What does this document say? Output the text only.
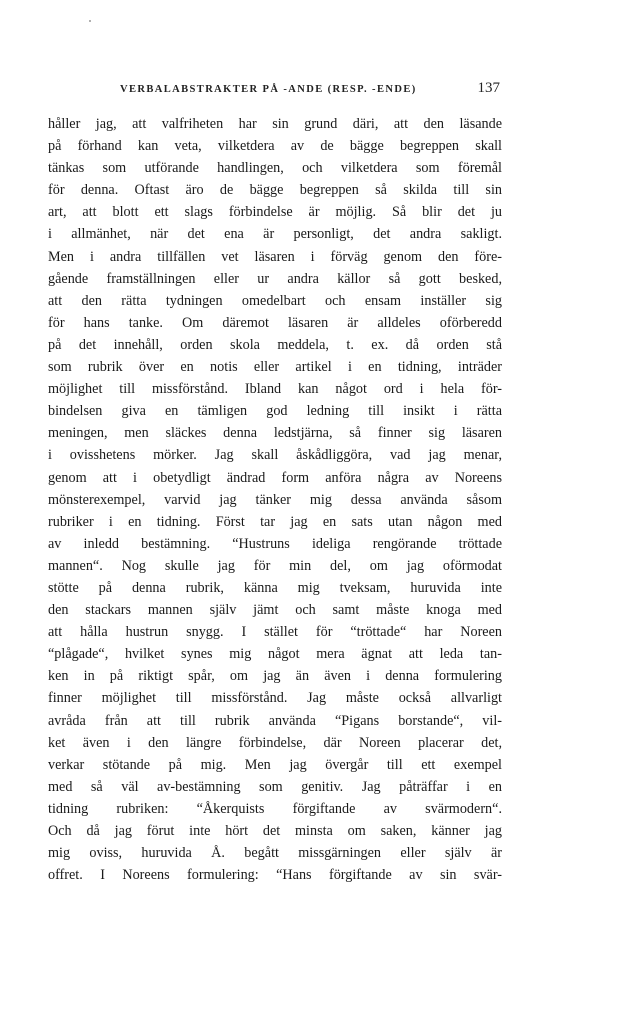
VERBALABSTRAKTER PÅ -ANDE (RESP. -ENDE)	137
håller jag, att valfriheten har sin grund däri, att den läsande
på förhand kan veta, vilketdera av de bägge begreppen skall
tänkas som utförande handlingen, och vilketdera som föremål
för denna. Oftast äro de bägge begreppen så skilda till sin
art, att blott ett slags förbindelse är möjlig. Så blir det ju
i allmänhet, när det ena är personligt, det andra sakligt.
Men i andra tillfällen vet läsaren i förväg genom den före-
gående framställningen eller ur andra källor så gott besked,
att den rätta tydningen omedelbart och ensam inställer sig
för hans tanke. Om däremot läsaren är alldeles oförberedd
på det innehåll, orden skola meddela, t. ex. då orden stå
som rubrik över en notis eller artikel i en tidning, inträder
möjlighet till missförstånd. Ibland kan något ord i hela för-
bindelsen giva en tämligen god ledning till insikt i rätta
meningen, men släckes denna ledstjärna, så finner sig läsaren
i ovisshetens mörker. Jag skall åskådliggöra, vad jag menar,
genom att i obetydligt ändrad form anföra några av Noreens
mönsterexempel, varvid jag tänker mig dessa använda såsom
rubriker i en tidning. Först tar jag en sats utan någon med
av inledd bestämning. “Hustruns ideliga rengörande tröttade
mannen“. Nog skulle jag för min del, om jag oförmodat
stötte på denna rubrik, känna mig tveksam, huruvida inte
den stackars mannen själv jämt och samt måste knoga med
att hålla hustrun snygg. I stället för “tröttade“ har Noreen
“plågade“, hvilket synes mig något mera ägnat att leda tan-
ken in på riktigt spår, om jag än även i denna formulering
finner möjlighet till missförstånd. Jag måste också allvarligt
avråda från att till rubrik använda “Pigans borstande“, vil-
ket även i den längre förbindelse, där Noreen placerar det,
verkar stötande på mig. Men jag övergår till ett exempel
med så väl av-bestämning som genitiv. Jag påträffar i en
tidning rubriken: “Åkerquists förgiftande av svärmodern“.
Och då jag förut inte hört det minsta om saken, känner jag
mig oviss, huruvida Å. begått missgärningen eller själv är
offret. I Noreens formulering: “Hans förgiftande av sin svär-
